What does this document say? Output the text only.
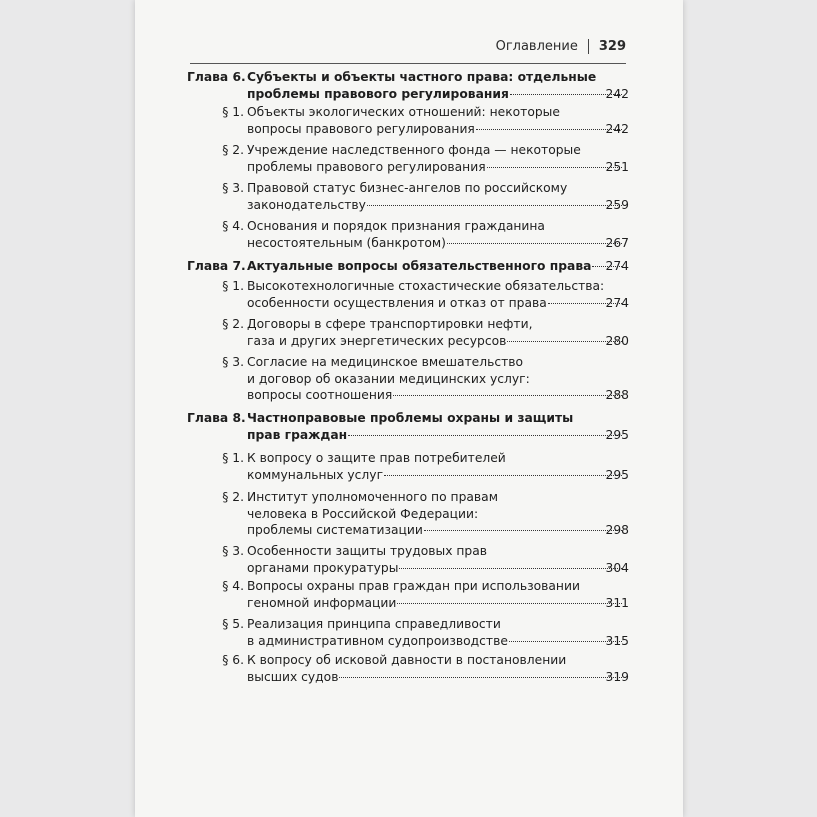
Оглавление 329
Глава 6. Субъекты и объекты частного права: отдельные
проблемы правового регулирования	242
§ 1. Объекты экологических отношений: некоторые
вопросы правового регулирования	242
§ 2. Учреждение наследственного фонда — некоторые
проблемы правового регулирования	251
§ 3. Правовой статус бизнес-ангелов по российскому
законодательству	259
§ 4. Основания и порядок признания гражданина
несостоятельным (банкротом)	267
Глава 7. Актуальные вопросы обязательственного права	274
§ 1. Высокотехнологичные стохастические обязательства:
особенности осуществления и отказ от права	274
§ 2. Договоры в сфере транспортировки нефти,
газа и других энергетических ресурсов	280
§ 3. Согласие на медицинское вмешательство
и договор об оказании медицинских услуг:
вопросы соотношения	288
Глава 8. Частноправовые проблемы охраны и защиты
прав граждан	295
§ 1. К вопросу о защите прав потребителей
коммунальных услуг	295
§ 2. Институт уполномоченного по правам
человека в Российской Федерации:
проблемы систематизации	298
§ 3. Особенности защиты трудовых прав
органами прокуратуры	304
§ 4. Вопросы охраны прав граждан при использовании
геномной информации	311
§ 5. Реализация принципа справедливости
в административном судопроизводстве	315
§ 6. К вопросу об исковой давности в постановлении
высших судов	319
